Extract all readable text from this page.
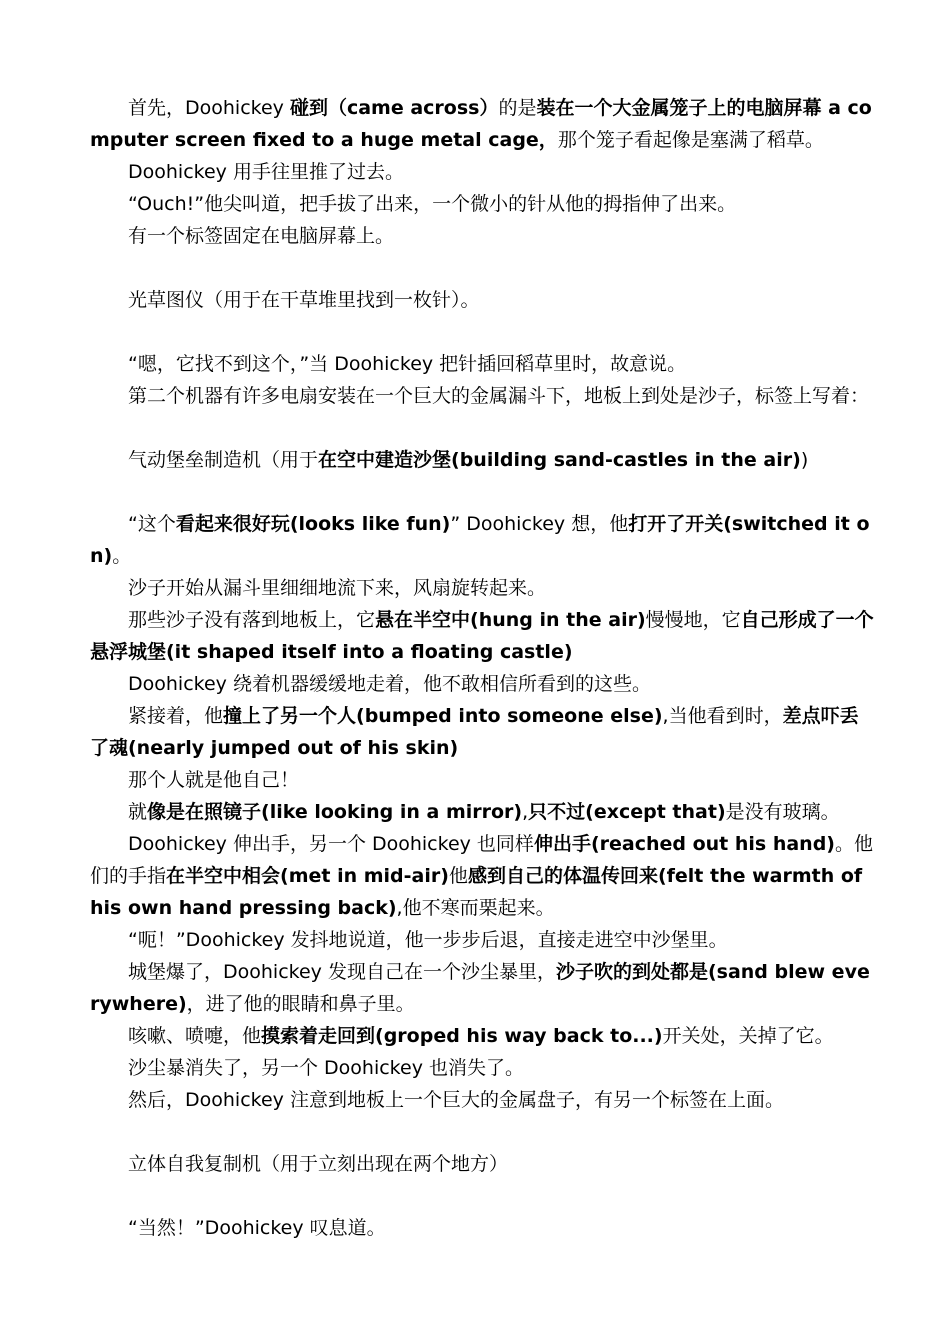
首先，Doohickey 碰到（came across）的是装在一个大金属笼子上的电脑屏幕 a computer screen fixed to a huge metal cage，那个笼子看起像是塞满了稻草。

Doohickey 用手往里推了过去。

“Ouch!”他尖叫道，把手拔了出来，一个微小的针从他的拇指伸了出来。

有一个标签固定在电脑屏幕上。

光草图仪（用于在干草堆里找到一枚针）。

“嗯，它找不到这个，”当 Doohickey 把针插回稻草里时，故意说。

第二个机器有许多电扇安装在一个巨大的金属漏斗下，地板上到处是沙子，标签上写着：

气动堡垒制造机（用于在空中建造沙堡(building sand-castles in the air))

“这个看起来很好玩(looks like fun)” Doohickey 想，他打开了开关(switched it on)。

沙子开始从漏斗里细细地流下来，风扇旋转起来。

那些沙子没有落到地板上，它悬在半空中(hung in the air)慢慢地，它自己形成了一个悬浮城堡(it shaped itself into a floating castle)

Doohickey 绕着机器缓缓地走着，他不敢相信所看到的这些。

紧接着，他撞上了另一个人(bumped into someone else),当他看到时，差点吓丢了魂(nearly jumped out of his skin)

那个人就是他自己！

就像是在照镜子(like looking in a mirror),只不过(except that)是没有玻璃。

Doohickey 伸出手，另一个 Doohickey 也同样伸出手(reached out his hand)。他们的手指在半空中相会(met in mid-air)他感到自己的体温传回来(felt the warmth of his own hand pressing back),他不寒而栗起来。

“呃！”Doohickey 发抖地说道，他一步步后退，直接走进空中沙堡里。

城堡爆了，Doohickey 发现自己在一个沙尘暴里，沙子吹的到处都是(sand blew everywhere)，进了他的眼睛和鼻子里。

咳嗽、喷嚏，他摸索着走回到(groped his way back to...)开关处，关掉了它。

沙尘暴消失了，另一个 Doohickey 也消失了。

然后，Doohickey 注意到地板上一个巨大的金属盘子，有另一个标签在上面。

立体自我复制机（用于立刻出现在两个地方）

“当然！”Doohickey 叹息道。
